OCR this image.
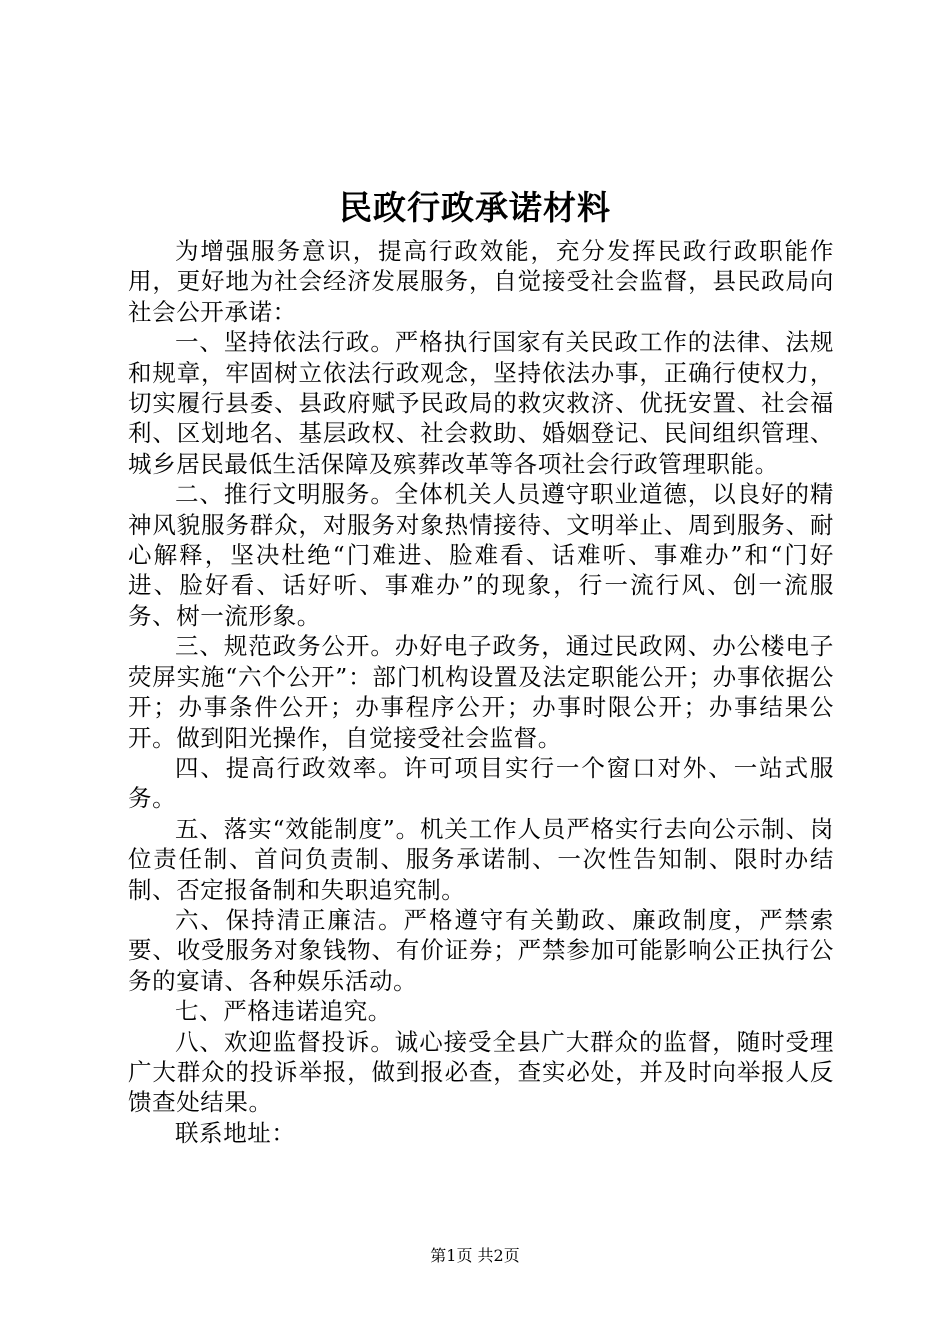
民政行政承诺材料

为增强服务意识，提高行政效能，充分发挥民政行政职能作用，更好地为社会经济发展服务，自觉接受社会监督，县民政局向社会公开承诺：

一、坚持依法行政。严格执行国家有关民政工作的法律、法规和规章，牢固树立依法行政观念，坚持依法办事，正确行使权力，切实履行县委、县政府赋予民政局的救灾救济、优抚安置、社会福利、区划地名、基层政权、社会救助、婚姻登记、民间组织管理、城乡居民最低生活保障及殡葬改革等各项社会行政管理职能。

二、推行文明服务。全体机关人员遵守职业道德，以良好的精神风貌服务群众，对服务对象热情接待、文明举止、周到服务、耐心解释，坚决杜绝“门难进、脸难看、话难听、事难办”和“门好进、脸好看、话好听、事难办”的现象，行一流行风、创一流服务、树一流形象。

三、规范政务公开。办好电子政务，通过民政网、办公楼电子荧屏实施“六个公开”：部门机构设置及法定职能公开；办事依据公开；办事条件公开；办事程序公开；办事时限公开；办事结果公开。做到阳光操作，自觉接受社会监督。

四、提高行政效率。许可项目实行一个窗口对外、一站式服务。

五、落实“效能制度”。机关工作人员严格实行去向公示制、岗位责任制、首问负责制、服务承诺制、一次性告知制、限时办结制、否定报备制和失职追究制。

六、保持清正廉洁。严格遵守有关勤政、廉政制度，严禁索要、收受服务对象钱物、有价证券；严禁参加可能影响公正执行公务的宴请、各种娱乐活动。

七、严格违诺追究。

八、欢迎监督投诉。诚心接受全县广大群众的监督，随时受理广大群众的投诉举报，做到报必查，查实必处，并及时向举报人反馈查处结果。

联系地址：

第1页 共2页
